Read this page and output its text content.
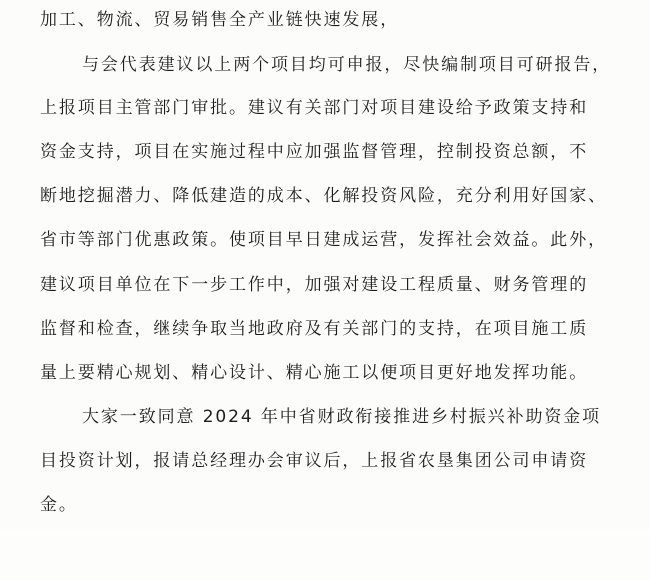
加工、物流、贸易销售全产业链快速发展，
与会代表建议以上两个项目均可申报，尽快编制项目可研报告，
上报项目主管部门审批。建议有关部门对项目建设给予政策支持和
资金支持，项目在实施过程中应加强监督管理，控制投资总额，不
断地挖掘潜力、降低建造的成本、化解投资风险，充分利用好国家、
省市等部门优惠政策。使项目早日建成运营，发挥社会效益。此外，
建议项目单位在下一步工作中，加强对建设工程质量、财务管理的
监督和检查，继续争取当地政府及有关部门的支持，在项目施工质
量上要精心规划、精心设计、精心施工以便项目更好地发挥功能。
大家一致同意 2024 年中省财政衔接推进乡村振兴补助资金项
目投资计划，报请总经理办会审议后，上报省农垦集团公司申请资
金。
